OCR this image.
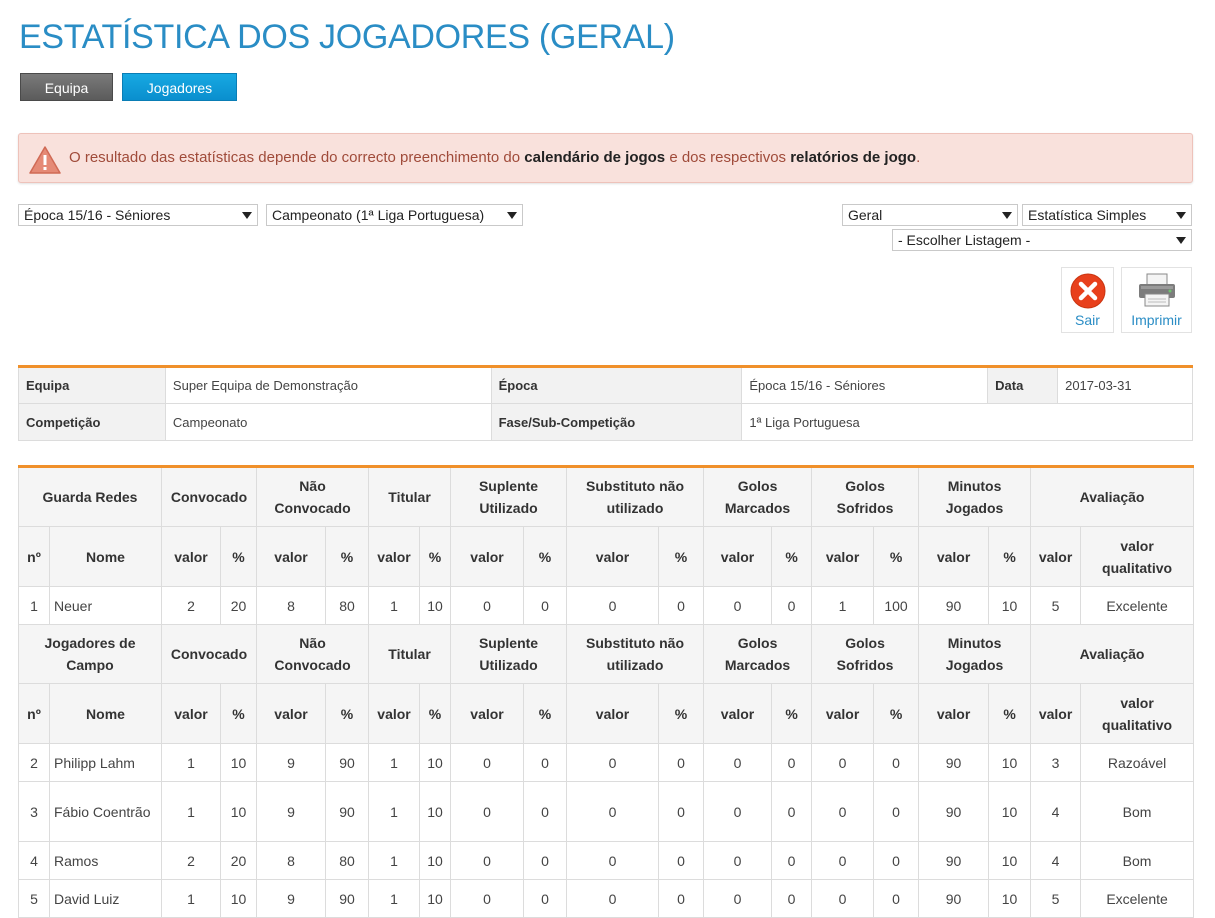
ESTATÍSTICA DOS JOGADORES (GERAL)
Equipa	Jogadores
O resultado das estatísticas depende do correcto preenchimento do calendário de jogos e dos respectivos relatórios de jogo.
Época 15/16 - Séniores	Campeonato (1ª Liga Portuguesa)	Geral	Estatística Simples
- Escolher Listagem -
Sair	Imprimir
Equipa	Super Equipa de Demonstração	Época	Época 15/16 - Séniores	Data	2017-03-31
Competição	Campeonato	Fase/Sub-Competição	1ª Liga Portuguesa		
Guarda Redes		Convocado		Não Convocado		Titular		Suplente Utilizado		Substituto não utilizado		Golos Marcados		Golos Sofridos		Minutos Jogados		Avaliação	
nº	Nome	valor	%	valor	%	valor	%	valor	%	valor	%	valor	%	valor	%	valor	%	valor	valor qualitativo
1	Neuer	2	20	8	80	1	10	0	0	0	0	0	0	1	100	90	10	5	Excelente
Jogadores de Campo		Convocado		Não Convocado		Titular		Suplente Utilizado		Substituto não utilizado		Golos Marcados		Golos Sofridos		Minutos Jogados		Avaliação	
nº	Nome	valor	%	valor	%	valor	%	valor	%	valor	%	valor	%	valor	%	valor	%	valor	valor qualitativo
2	Philipp Lahm	1	10	9	90	1	10	0	0	0	0	0	0	0	0	90	10	3	Razoável
3	Fábio Coentrão	1	10	9	90	1	10	0	0	0	0	0	0	0	0	90	10	4	Bom
4	Ramos	2	20	8	80	1	10	0	0	0	0	0	0	0	0	90	10	4	Bom
5	David Luiz	1	10	9	90	1	10	0	0	0	0	0	0	0	0	90	10	5	Excelente
